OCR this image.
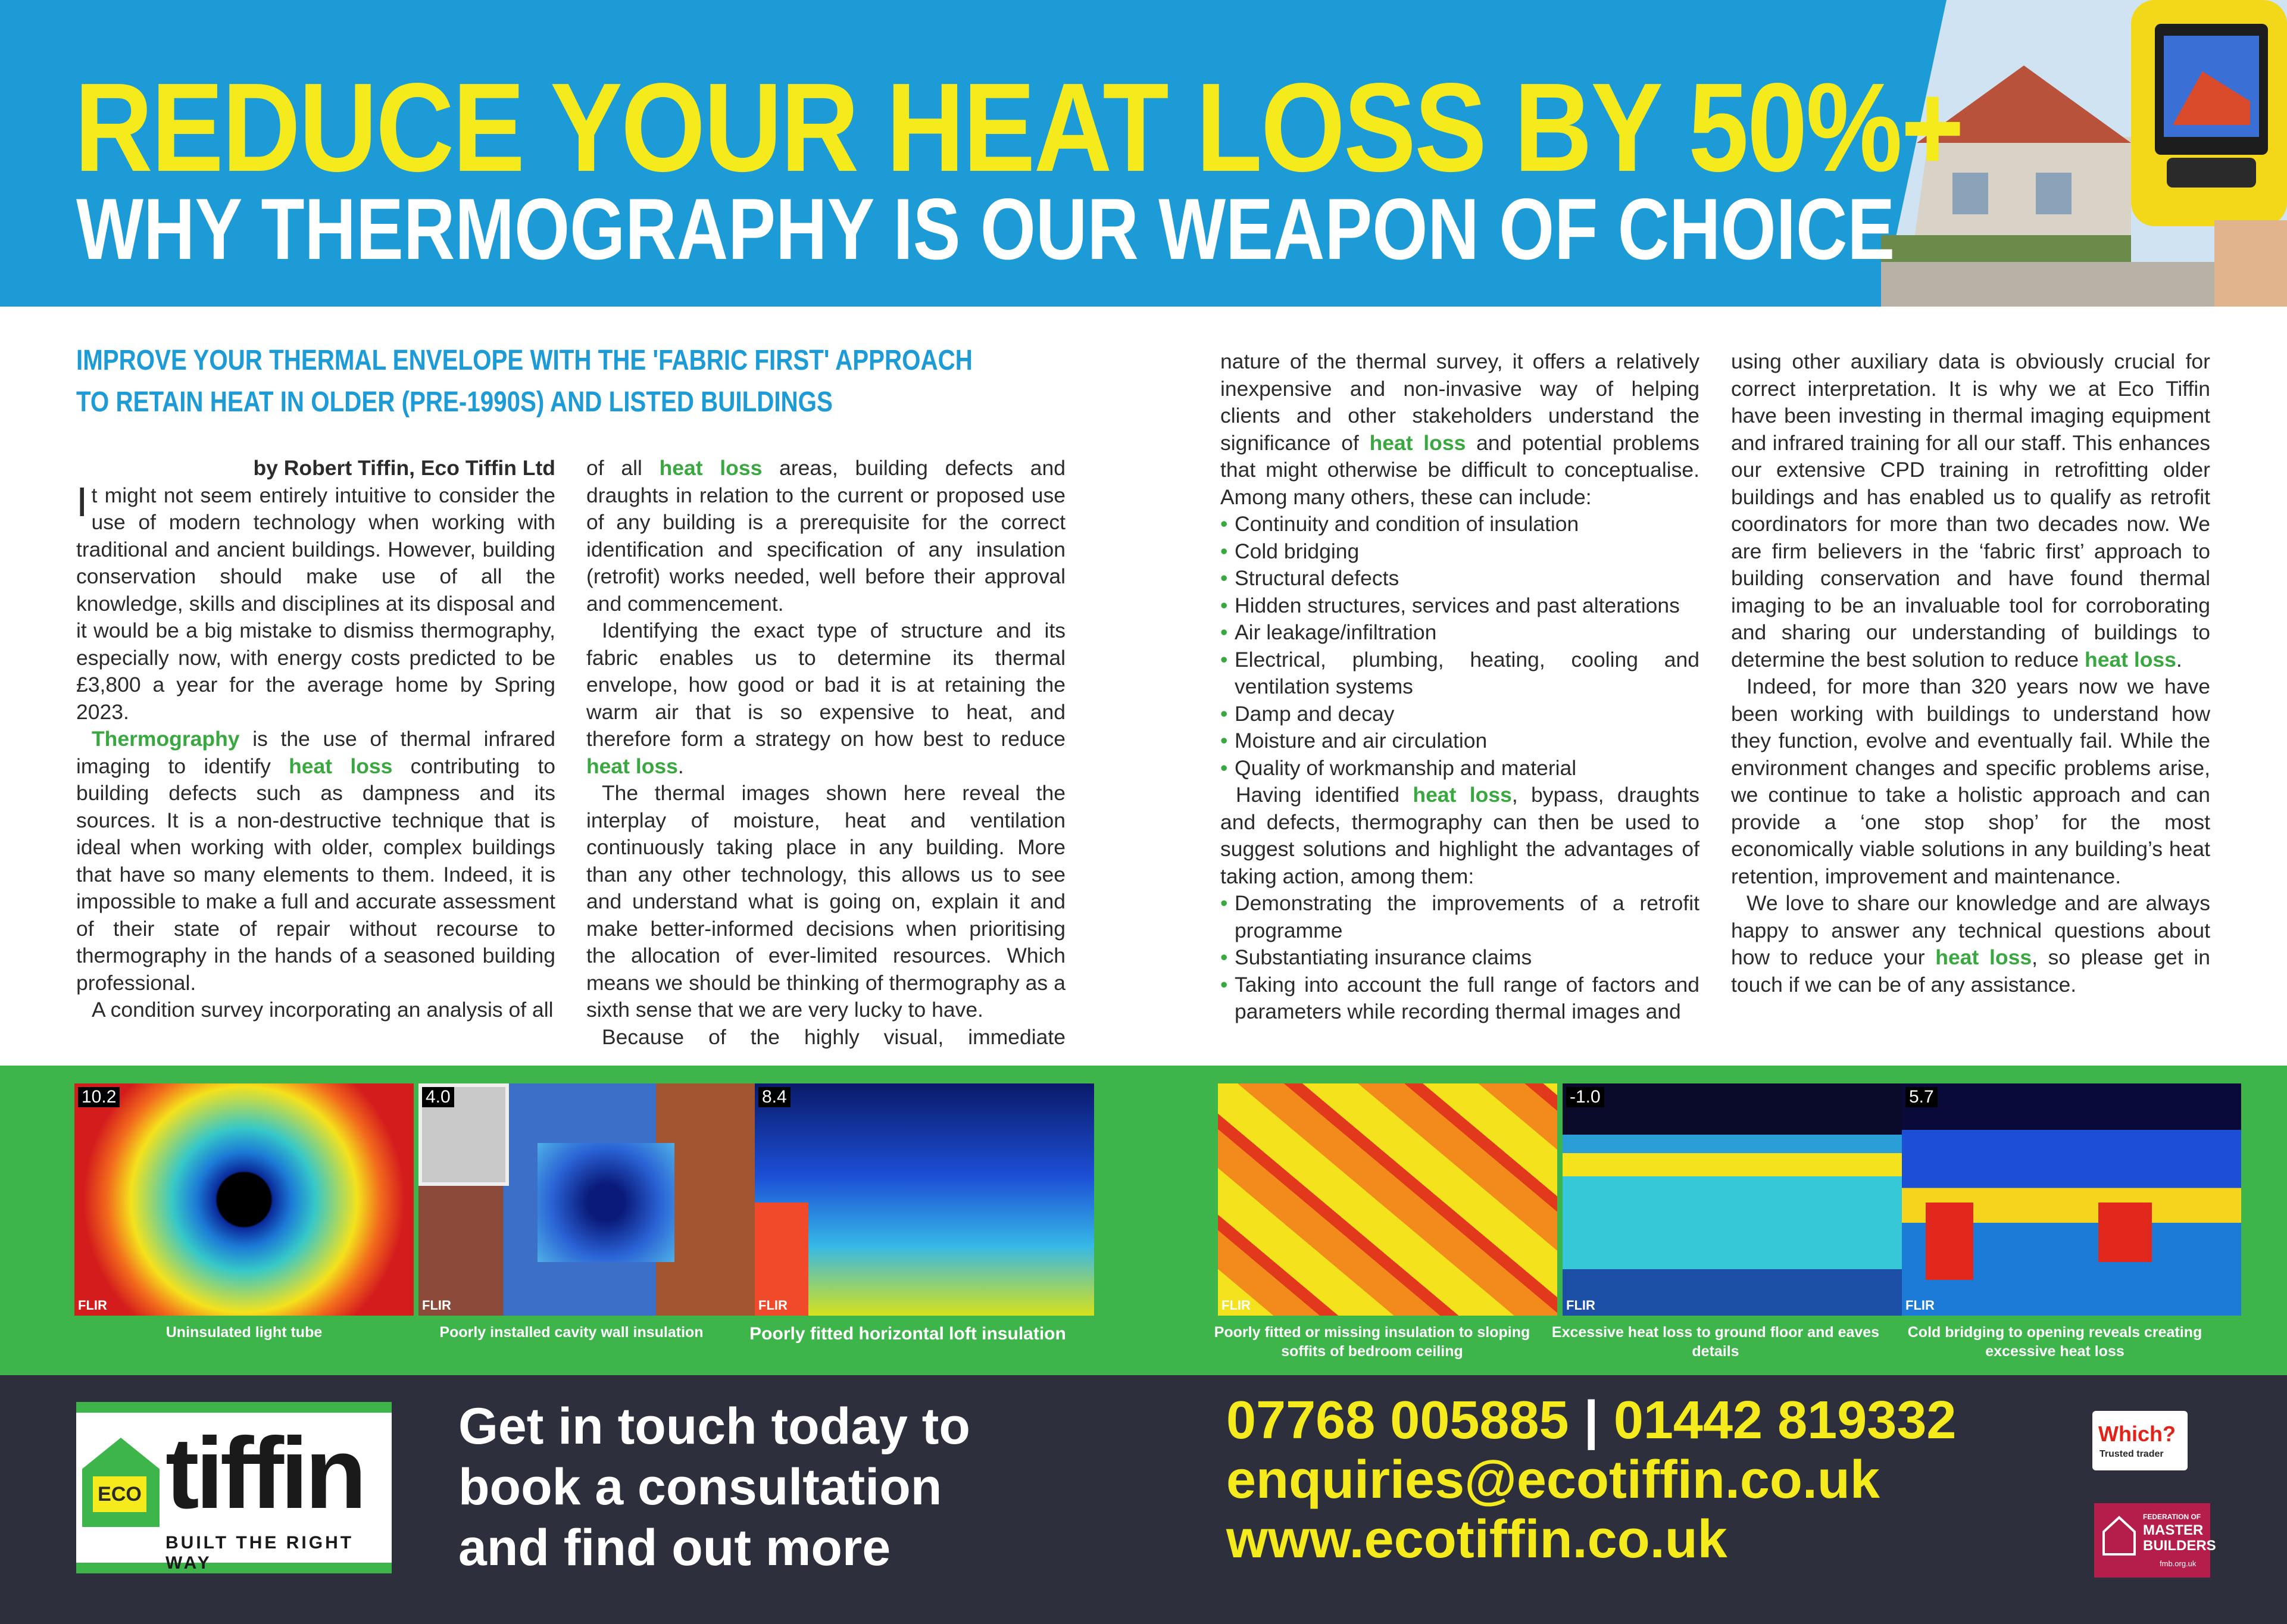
REDUCE YOUR HEAT LOSS BY 50%+
WHY THERMOGRAPHY IS OUR WEAPON OF CHOICE
IMPROVE YOUR THERMAL ENVELOPE WITH THE 'FABRIC FIRST' APPROACH
TO RETAIN HEAT IN OLDER (PRE-1990S) AND LISTED BUILDINGS

by Robert Tiffin, Eco Tiffin Ltd

It might not seem entirely intuitive to consider the use of modern technology when working with traditional and ancient buildings. However, building conservation should make use of all the knowledge, skills and disciplines at its disposal and it would be a big mistake to dismiss thermography, especially now, with energy costs predicted to be £3,800 a year for the average home by Spring 2023.

Thermography is the use of thermal infrared imaging to identify heat loss contributing to building defects such as dampness and its sources. It is a non-destructive technique that is ideal when working with older, complex buildings that have so many elements to them. Indeed, it is impossible to make a full and accurate assessment of their state of repair without recourse to thermography in the hands of a seasoned building professional.

A condition survey incorporating an analysis of all

of all heat loss areas, building defects and draughts in relation to the current or proposed use of any building is a prerequisite for the correct identification and specification of any insulation (retrofit) works needed, well before their approval and commencement.

Identifying the exact type of structure and its fabric enables us to determine its thermal envelope, how good or bad it is at retaining the warm air that is so expensive to heat, and therefore form a strategy on how best to reduce heat loss.

The thermal images shown here reveal the interplay of moisture, heat and ventilation continuously taking place in any building. More than any other technology, this allows us to see and understand what is going on, explain it and make better-informed decisions when prioritising the allocation of ever-limited resources. Which means we should be thinking of thermography as a sixth sense that we are very lucky to have.

Because of the highly visual, immediate

nature of the thermal survey, it offers a relatively inexpensive and non-invasive way of helping clients and other stakeholders understand the significance of heat loss and potential problems that might otherwise be difficult to conceptualise. Among many others, these can include:

• Continuity and condition of insulation
• Cold bridging
• Structural defects
• Hidden structures, services and past alterations
• Air leakage/infiltration
• Electrical, plumbing, heating, cooling and ventilation systems
• Damp and decay
• Moisture and air circulation
• Quality of workmanship and material

Having identified heat loss, bypass, draughts and defects, thermography can then be used to suggest solutions and highlight the advantages of taking action, among them:

• Demonstrating the improvements of a retrofit programme
• Substantiating insurance claims
• Taking into account the full range of factors and parameters while recording thermal images and

using other auxiliary data is obviously crucial for correct interpretation. It is why we at Eco Tiffin have been investing in thermal imaging equipment and infrared training for all our staff. This enhances our extensive CPD training in retrofitting older buildings and has enabled us to qualify as retrofit coordinators for more than two decades now. We are firm believers in the ‘fabric first’ approach to building conservation and have found thermal imaging to be an invaluable tool for corroborating and sharing our understanding of buildings to determine the best solution to reduce heat loss.

Indeed, for more than 320 years now we have been working with buildings to understand how they function, evolve and eventually fail. While the environment changes and specific problems arise, we continue to take a holistic approach and can provide a ‘one stop shop’ for the most economically viable solutions in any building’s heat retention, improvement and maintenance.

We love to share our knowledge and are always happy to answer any technical questions about how to reduce your heat loss, so please get in touch if we can be of any assistance.

10.2
FLIR
4.0
FLIR
8.4
FLIR	FLIR
-1.0
FLIR
5.7
FLIR
Uninsulated light tube	Poorly installed cavity wall insulation	Poorly fitted horizontal loft insulation	Poorly fitted or missing insulation to sloping soffits of bedroom ceiling
Excessive heat loss to ground floor and eaves details
Cold bridging to opening reveals creating excessive heat loss
ECO tiffin
BUILT THE RIGHT WAY
Get in touch today to
book a consultation
and find out more
07768 005885 | 01442 819332
enquiries@ecotiffin.co.uk
www.ecotiffin.co.uk
Which?
Trusted trader
FEDERATION OF
MASTER
BUILDERS
fmb.org.uk
